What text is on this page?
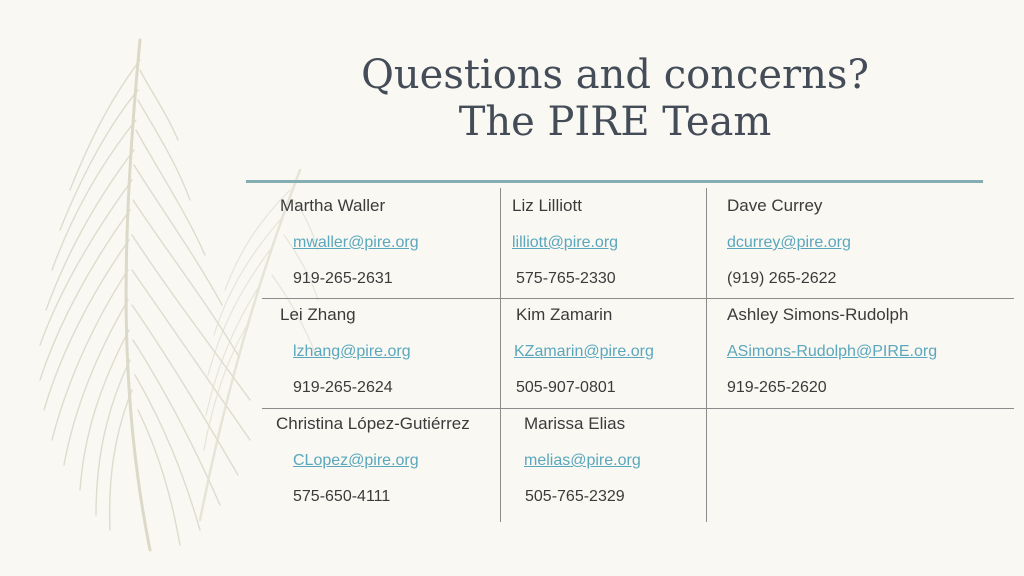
Questions and concerns?
The PIRE Team
Martha Waller
mwaller@pire.org
919-265-2631
Liz Lilliott
lilliott@pire.org
575-765-2330
Dave Currey
dcurrey@pire.org
(919) 265-2622
Lei Zhang
lzhang@pire.org
919-265-2624
Kim Zamarin
KZamarin@pire.org
505-907-0801
Ashley Simons-Rudolph
ASimons-Rudolph@PIRE.org
919-265-2620
Christina López-Gutiérrez
CLopez@pire.org
575-650-4111
Marissa Elias
melias@pire.org
505-765-2329
